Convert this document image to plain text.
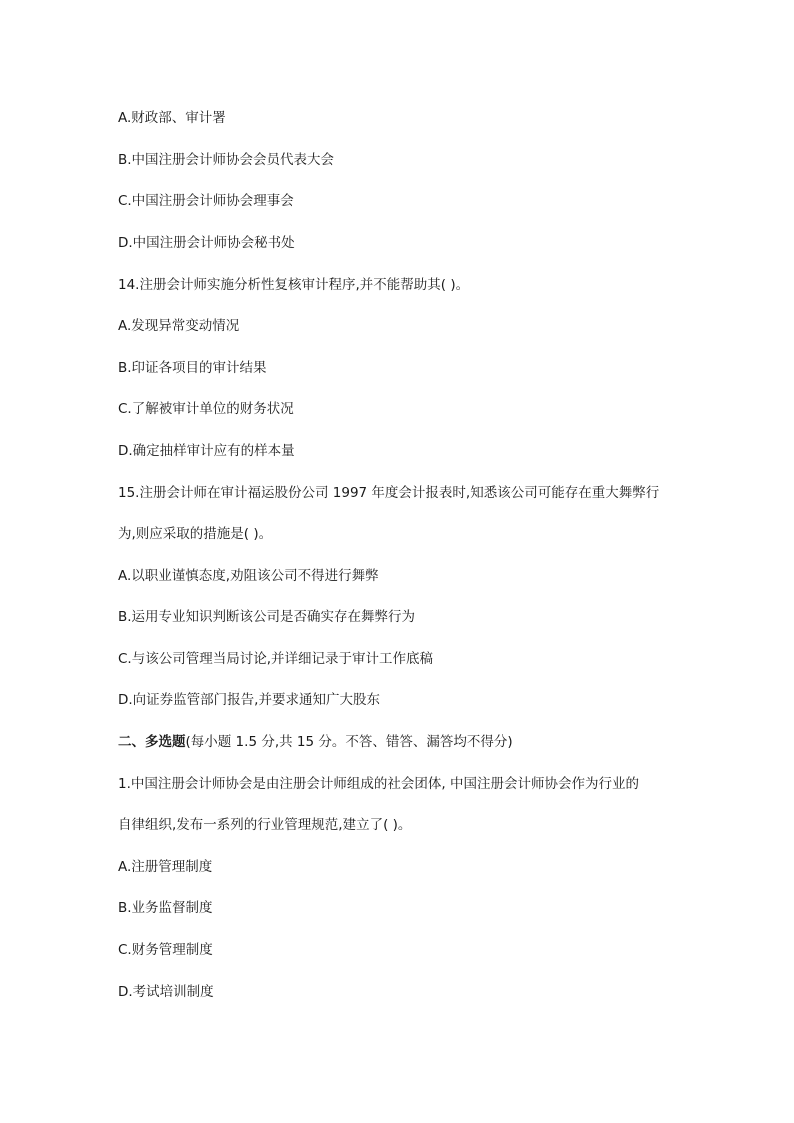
A.财政部、审计署
B.中国注册会计师协会会员代表大会
C.中国注册会计师协会理事会
D.中国注册会计师协会秘书处
14.注册会计师实施分析性复核审计程序,并不能帮助其( )。
A.发现异常变动情况
B.印证各项目的审计结果
C.了解被审计单位的财务状况
D.确定抽样审计应有的样本量
15.注册会计师在审计福运股份公司 1997 年度会计报表时,知悉该公司可能存在重大舞弊行
为,则应采取的措施是( )。
A.以职业谨慎态度,劝阻该公司不得进行舞弊
B.运用专业知识判断该公司是否确实存在舞弊行为
C.与该公司管理当局讨论,并详细记录于审计工作底稿
D.向证券监管部门报告,并要求通知广大股东
二、多选题(每小题 1.5 分,共 15 分。不答、错答、漏答均不得分)
1.中国注册会计师协会是由注册会计师组成的社会团体, 中国注册会计师协会作为行业的
自律组织,发布一系列的行业管理规范,建立了( )。
A.注册管理制度
B.业务监督制度
C.财务管理制度
D.考试培训制度
